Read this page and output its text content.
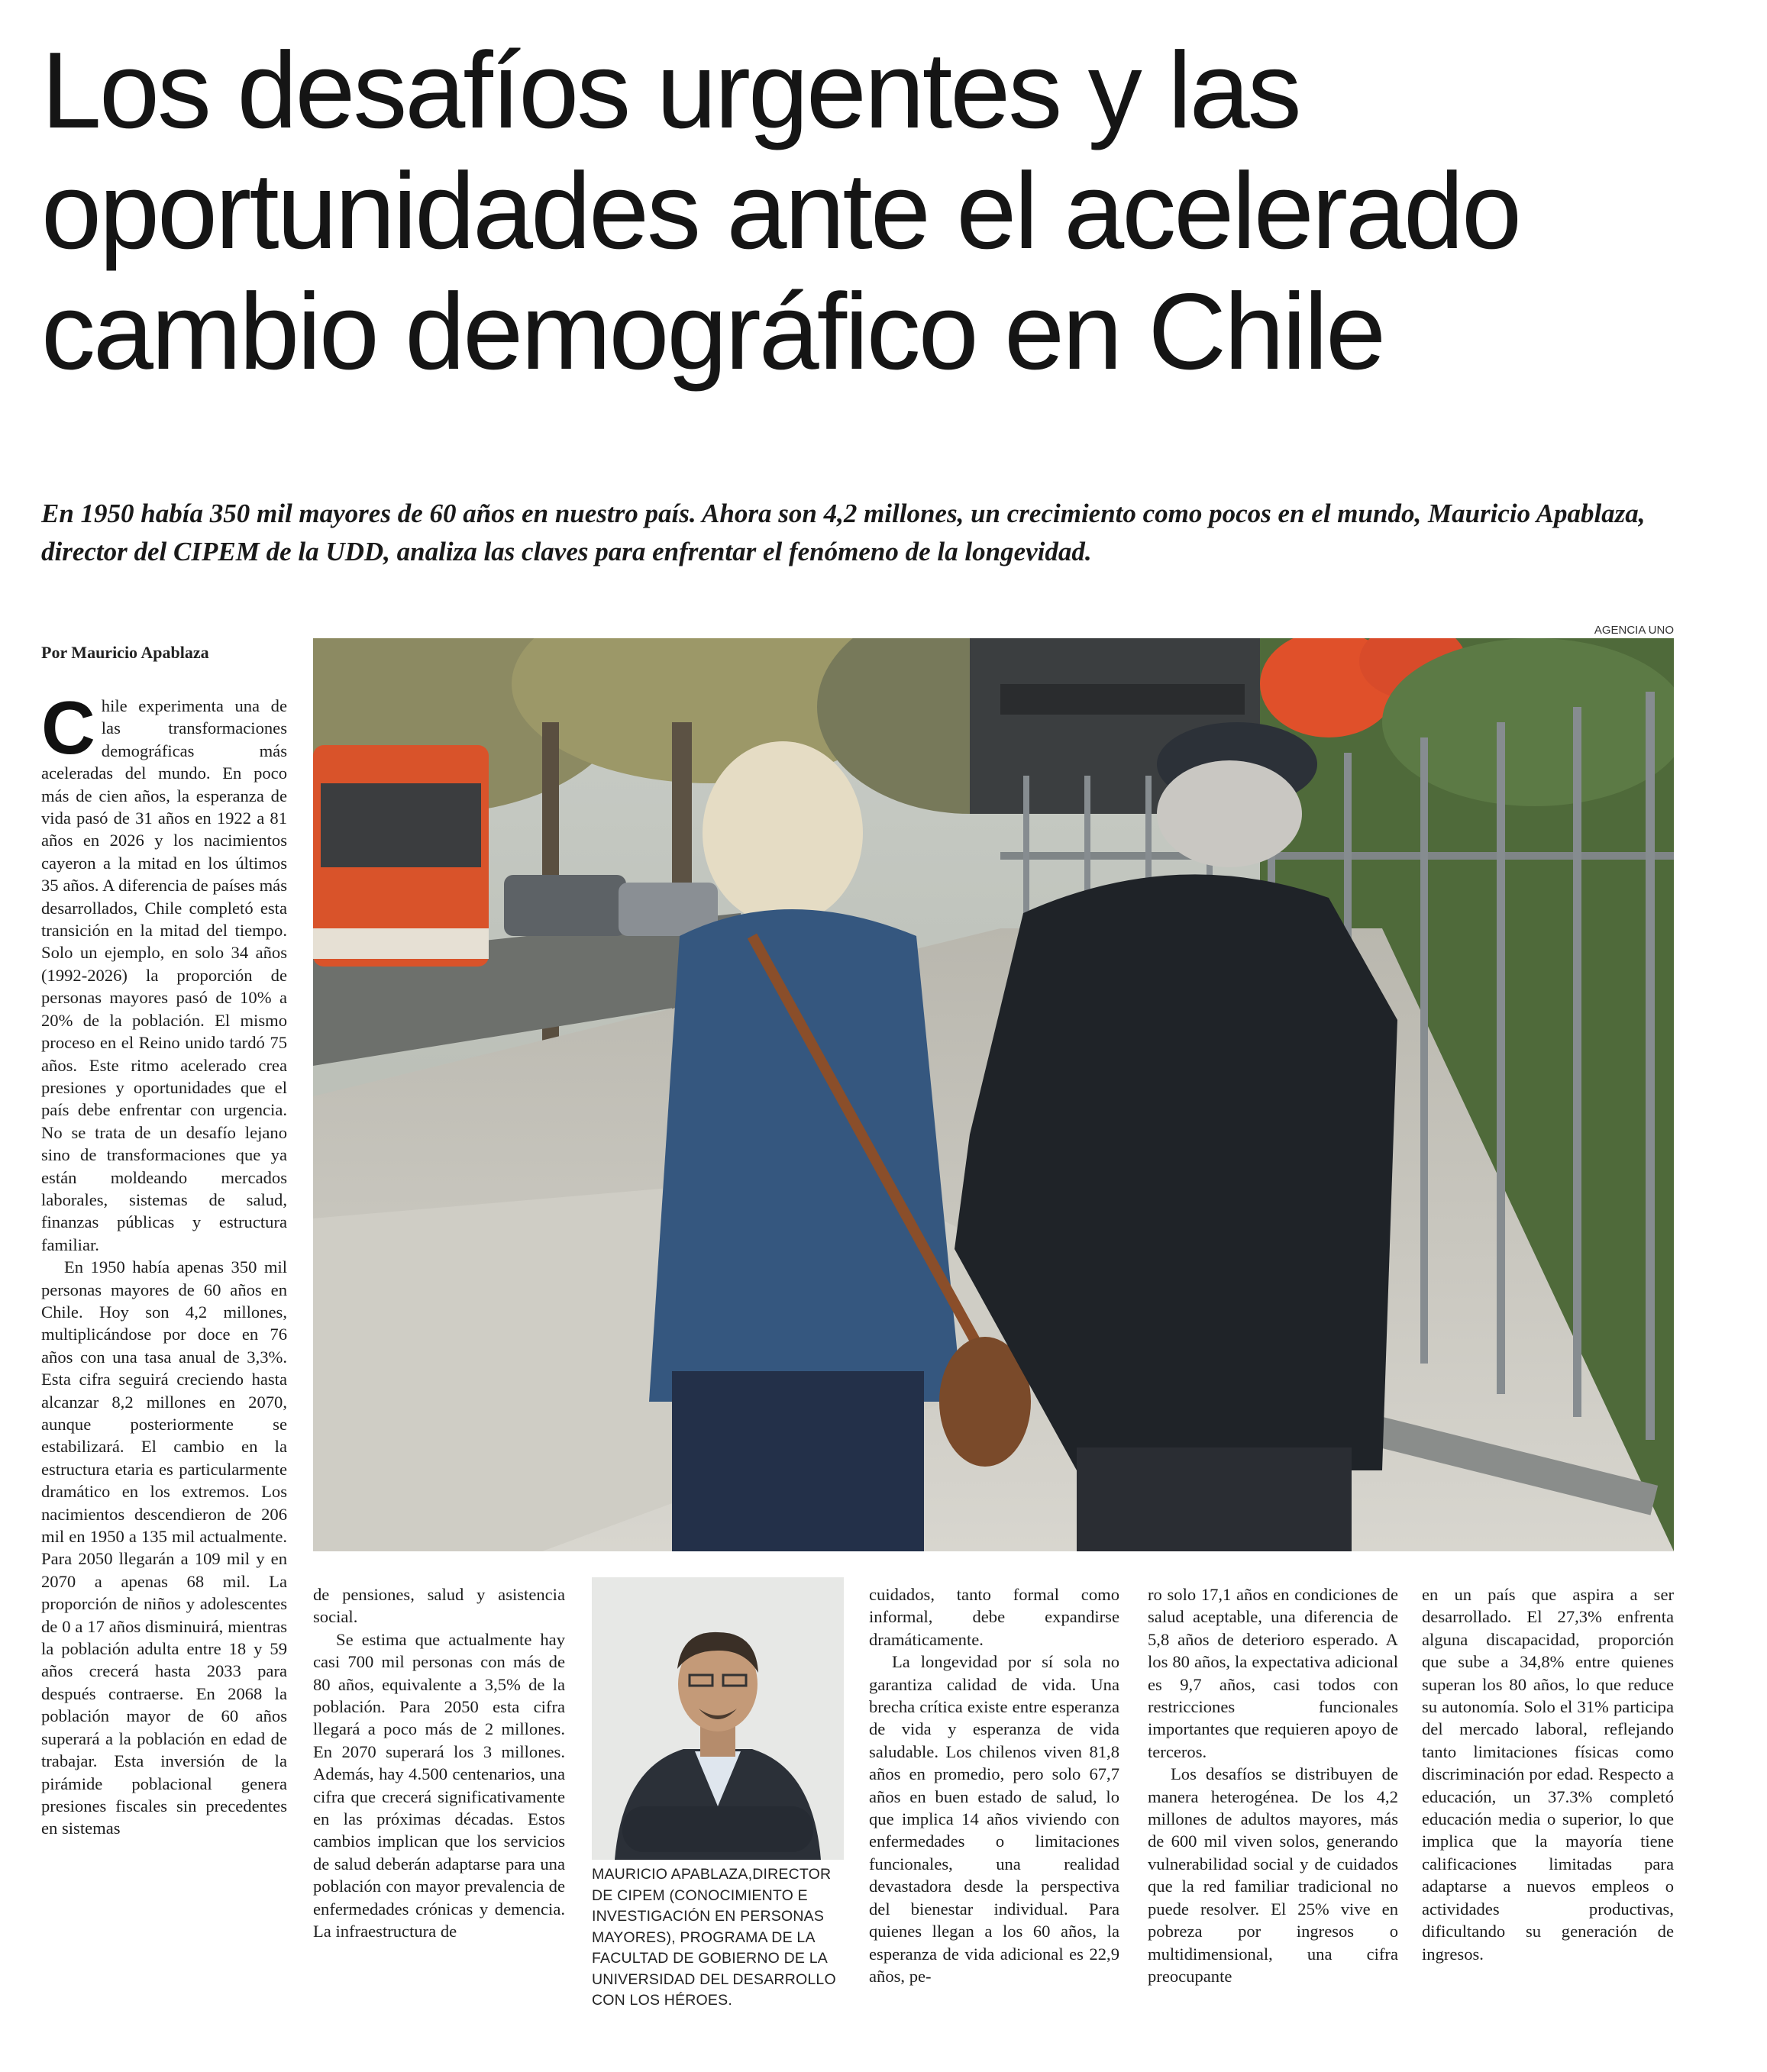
Los desafíos urgentes y las oportunidades ante el acelerado cambio demográfico en Chile

En 1950 había 350 mil mayores de 60 años en nuestro país. Ahora son 4,2 millones, un crecimiento como pocos en el mundo, Mauricio Apablaza, director del CIPEM de la UDD, analiza las claves para enfrentar el fenómeno de la longevidad.

Por Mauricio Apablaza

AGENCIA UNO

Chile experimenta una de las transformaciones demográficas más aceleradas del mundo. En poco más de cien años, la esperanza de vida pasó de 31 años en 1922 a 81 años en 2026 y los nacimientos cayeron a la mitad en los últimos 35 años. A diferencia de países más desarrollados, Chile completó esta transición en la mitad del tiempo. Solo un ejemplo, en solo 34 años (1992-2026) la proporción de personas mayores pasó de 10% a 20% de la población. El mismo proceso en el Reino unido tardó 75 años. Este ritmo acelerado crea presiones y oportunidades que el país debe enfrentar con urgencia. No se trata de un desafío lejano sino de transformaciones que ya están moldeando mercados laborales, sistemas de salud, finanzas públicas y estructura familiar.

En 1950 había apenas 350 mil personas mayores de 60 años en Chile. Hoy son 4,2 millones, multiplicándose por doce en 76 años con una tasa anual de 3,3%. Esta cifra seguirá creciendo hasta alcanzar 8,2 millones en 2070, aunque posteriormente se estabilizará. El cambio en la estructura etaria es particularmente dramático en los extremos. Los nacimientos descendieron de 206 mil en 1950 a 135 mil actualmente. Para 2050 llegarán a 109 mil y en 2070 a apenas 68 mil. La proporción de niños y adolescentes de 0 a 17 años disminuirá, mientras la población adulta entre 18 y 59 años crecerá hasta 2033 para después contraerse. En 2068 la población mayor de 60 años superará a la población en edad de trabajar. Esta inversión de la pirámide poblacional genera presiones fiscales sin precedentes en sistemas

de pensiones, salud y asistencia social.

Se estima que actualmente hay casi 700 mil personas con más de 80 años, equivalente a 3,5% de la población. Para 2050 esta cifra llegará a poco más de 2 millones. En 2070 superará los 3 millones. Además, hay 4.500 centenarios, una cifra que crecerá significativamente en las próximas décadas. Estos cambios implican que los servicios de salud deberán adaptarse para una población con mayor prevalencia de enfermedades crónicas y demencia. La infraestructura de

MAURICIO APABLAZA,DIRECTOR DE CIPEM (CONOCIMIENTO E INVESTIGACIÓN EN PERSONAS MAYORES), PROGRAMA DE LA FACULTAD DE GOBIERNO DE LA UNIVERSIDAD DEL DESARROLLO CON LOS HÉROES.

cuidados, tanto formal como informal, debe expandirse dramáticamente.

La longevidad por sí sola no garantiza calidad de vida. Una brecha crítica existe entre esperanza de vida y esperanza de vida saludable. Los chilenos viven 81,8 años en promedio, pero solo 67,7 años en buen estado de salud, lo que implica 14 años viviendo con enfermedades o limitaciones funcionales, una realidad devastadora desde la perspectiva del bienestar individual. Para quienes llegan a los 60 años, la esperanza de vida adicional es 22,9 años, pe-

ro solo 17,1 años en condiciones de salud aceptable, una diferencia de 5,8 años de deterioro esperado. A los 80 años, la expectativa adicional es 9,7 años, casi todos con restricciones funcionales importantes que requieren apoyo de terceros.

Los desafíos se distribuyen de manera heterogénea. De los 4,2 millones de adultos mayores, más de 600 mil viven solos, generando vulnerabilidad social y de cuidados que la red familiar tradicional no puede resolver. El 25% vive en pobreza por ingresos o multidimensional, una cifra preocupante

en un país que aspira a ser desarrollado. El 27,3% enfrenta alguna discapacidad, proporción que sube a 34,8% entre quienes superan los 80 años, lo que reduce su autonomía. Solo el 31% participa del mercado laboral, reflejando tanto limitaciones físicas como discriminación por edad. Respecto a educación, un 37.3% completó educación media o superior, lo que implica que la mayoría tiene calificaciones limitadas para adaptarse a nuevos empleos o actividades productivas, dificultando su generación de ingresos.
